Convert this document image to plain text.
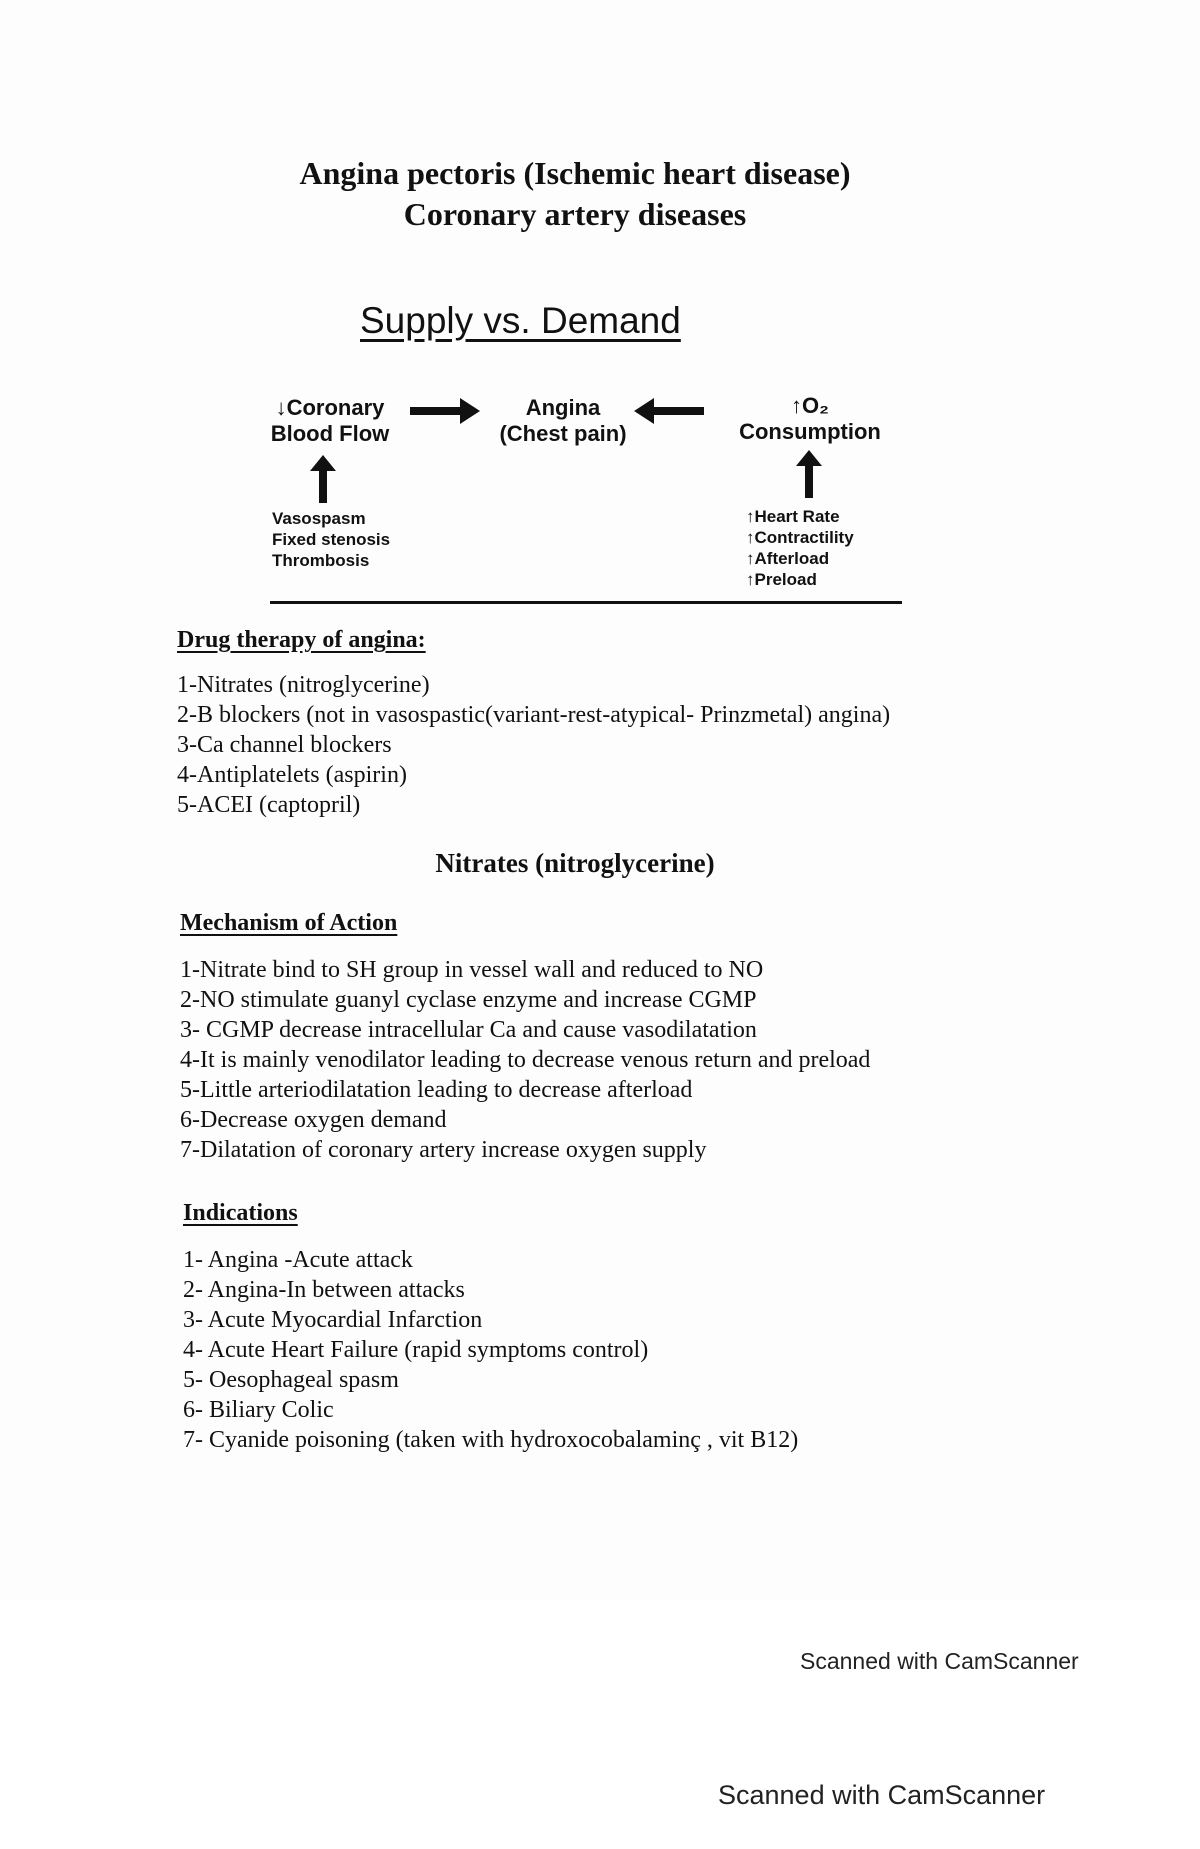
Angina pectoris (Ischemic heart disease)
Coronary artery diseases
Supply vs. Demand
↓Coronary
Blood Flow
Angina
(Chest pain)
↑O₂
Consumption
Vasospasm
Fixed stenosis
Thrombosis
↑Heart Rate
↑Contractility
↑Afterload
↑Preload
Drug therapy of angina:
1-Nitrates (nitroglycerine)
2-B blockers (not in vasospastic(variant-rest-atypical- Prinzmetal) angina)
3-Ca channel blockers
4-Antiplatelets (aspirin)
5-ACEI (captopril)
Nitrates (nitroglycerine)
Mechanism of Action
1-Nitrate bind to SH group in vessel wall and reduced to NO
2-NO stimulate guanyl cyclase enzyme and increase CGMP
3- CGMP decrease intracellular Ca and cause vasodilatation
4-It is mainly venodilator leading to decrease venous return and preload
5-Little arteriodilatation leading to decrease afterload
6-Decrease oxygen demand
7-Dilatation of coronary artery increase oxygen supply
Indications
1- Angina -Acute attack
2- Angina-In between attacks
3- Acute Myocardial Infarction
4- Acute Heart Failure (rapid symptoms control)
5- Oesophageal spasm
6- Biliary Colic
7- Cyanide poisoning (taken with hydroxocobalaminç , vit B12)
Scanned with CamScanner
Scanned with CamScanner
